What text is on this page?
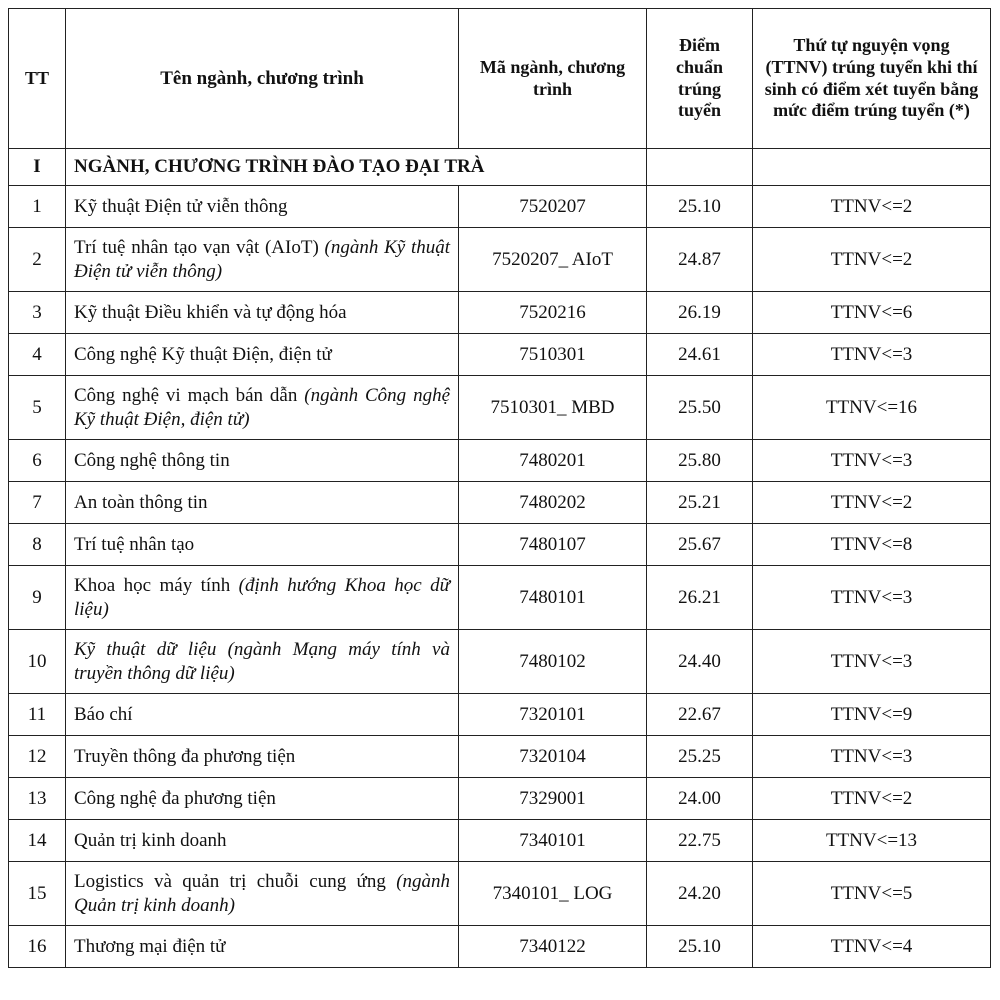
TT	Tên ngành, chương trình	Mã ngành, chương trình	Điểm chuẩn trúng tuyển	Thứ tự nguyện vọng (TTNV) trúng tuyển khi thí sinh có điểm xét tuyển bằng mức điểm trúng tuyển (*)
I	NGÀNH, CHƯƠNG TRÌNH ĐÀO TẠO ĐẠI TRÀ			
1	Kỹ thuật Điện tử viễn thông	7520207	25.10	TTNV<=2
2	Trí tuệ nhân tạo vạn vật (AIoT) (ngành Kỹ thuật Điện tử viễn thông)	7520207_ AIoT	24.87	TTNV<=2
3	Kỹ thuật Điều khiển và tự động hóa	7520216	26.19	TTNV<=6
4	Công nghệ Kỹ thuật Điện, điện tử	7510301	24.61	TTNV<=3
5	Công nghệ vi mạch bán dẫn (ngành Công nghệ Kỹ thuật Điện, điện tử)	7510301_ MBD	25.50	TTNV<=16
6	Công nghệ thông tin	7480201	25.80	TTNV<=3
7	An toàn thông tin	7480202	25.21	TTNV<=2
8	Trí tuệ nhân tạo	7480107	25.67	TTNV<=8
9	Khoa học máy tính (định hướng Khoa học dữ liệu)	7480101	26.21	TTNV<=3
10	Kỹ thuật dữ liệu (ngành Mạng máy tính và truyền thông dữ liệu)	7480102	24.40	TTNV<=3
11	Báo chí	7320101	22.67	TTNV<=9
12	Truyền thông đa phương tiện	7320104	25.25	TTNV<=3
13	Công nghệ đa phương tiện	7329001	24.00	TTNV<=2
14	Quản trị kinh doanh	7340101	22.75	TTNV<=13
15	Logistics và quản trị chuỗi cung ứng (ngành Quản trị kinh doanh)	7340101_ LOG	24.20	TTNV<=5
16	Thương mại điện tử	7340122	25.10	TTNV<=4
